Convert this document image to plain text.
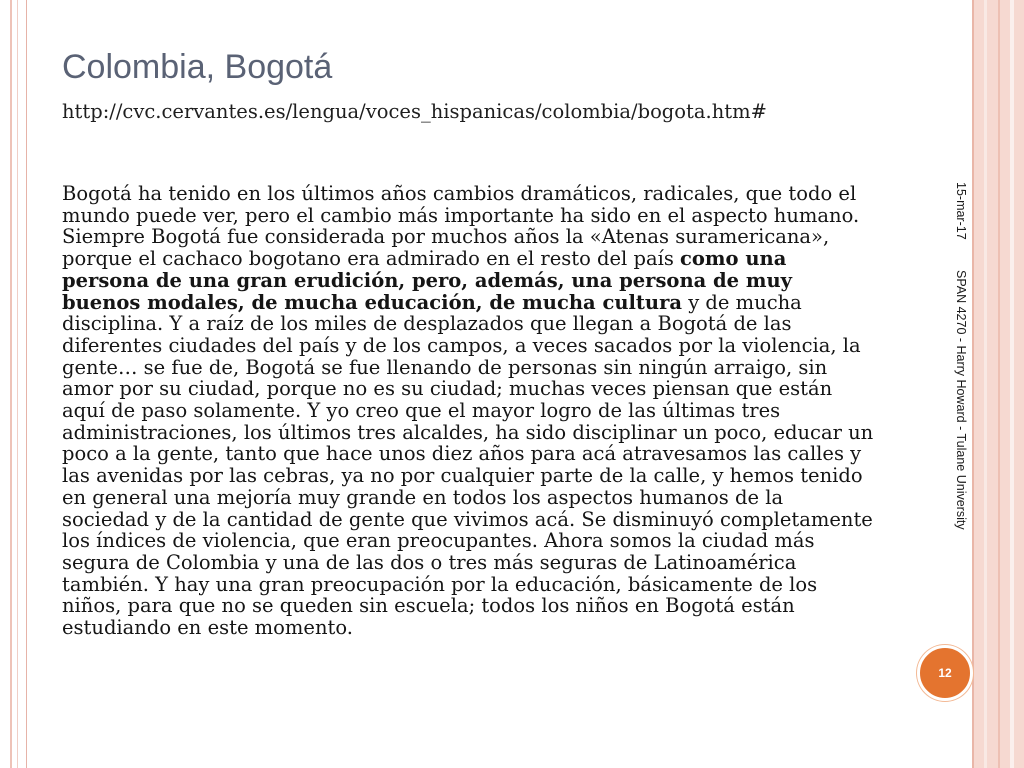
Colombia, Bogotá
http://cvc.cervantes.es/lengua/voces_hispanicas/colombia/bogota.htm#
Bogotá ha tenido en los últimos años cambios dramáticos, radicales, que todo el mundo puede ver, pero el cambio más importante ha sido en el aspecto humano. Siempre Bogotá fue considerada por muchos años la «Atenas suramericana», porque el cachaco bogotano era admirado en el resto del país como una persona de una gran erudición, pero, además, una persona de muy buenos modales, de mucha educación, de mucha cultura y de mucha disciplina. Y a raíz de los miles de desplazados que llegan a Bogotá de las diferentes ciudades del país y de los campos, a veces sacados por la violencia, la gente… se fue de, Bogotá se fue llenando de personas sin ningún arraigo, sin amor por su ciudad, porque no es su ciudad; muchas veces piensan que están aquí de paso solamente. Y yo creo que el mayor logro de las últimas tres administraciones, los últimos tres alcaldes, ha sido disciplinar un poco, educar un poco a la gente, tanto que hace unos diez años para acá atravesamos las calles y las avenidas por las cebras, ya no por cualquier parte de la calle, y hemos tenido en general una mejoría muy grande en todos los aspectos humanos de la sociedad y de la cantidad de gente que vivimos acá. Se disminuyó completamente los índices de violencia, que eran preocupantes. Ahora somos la ciudad más segura de Colombia y una de las dos o tres más seguras de Latinoamérica también. Y hay una gran preocupación por la educación, básicamente de los niños, para que no se queden sin escuela; todos los niños en Bogotá están estudiando en este momento.
15-mar-17
SPAN 4270 - Harry Howard - Tulane University
12
